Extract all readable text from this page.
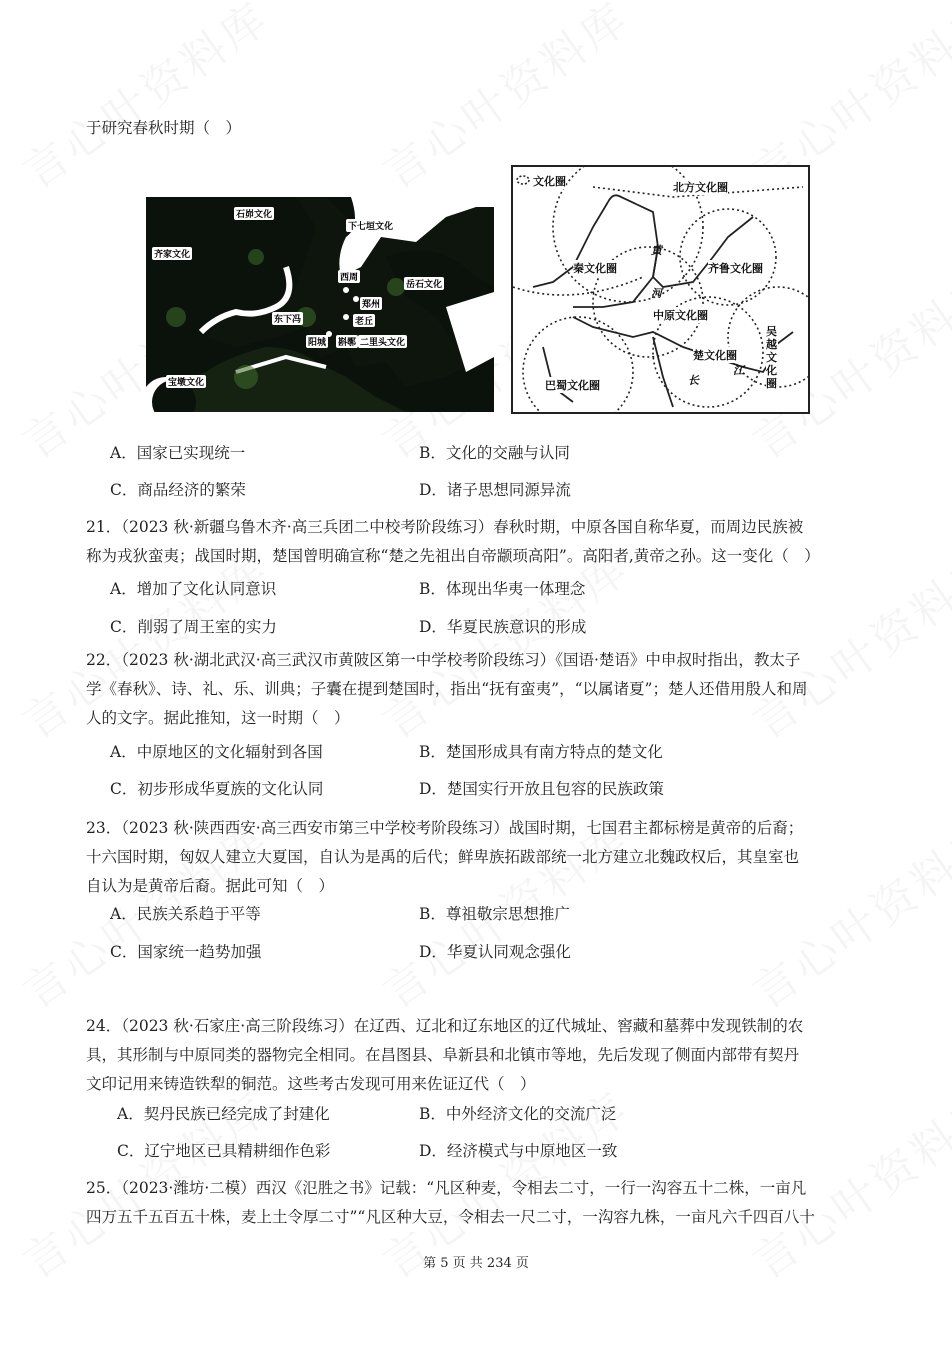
于研究春秋时期（　）
石峁文化
齐家文化
下七垣文化
西周
岳石文化
二里头文化
宝墩文化
东下冯
郑州
老丘
阳城 斟鄩
文化圈	北方文化圈
秦文化圈	齐鲁文化圈
中原文化圈
楚文化圈
巴蜀文化圈
吴越文化圈
黄
河
长
江
A．国家已实现统一	B．文化的交融与认同
C．商品经济的繁荣	D．诸子思想同源异流
21．（2023 秋·新疆乌鲁木齐·高三兵团二中校考阶段练习）春秋时期，中原各国自称华夏，而周边民族被
称为戎狄蛮夷；战国时期，楚国曾明确宣称“楚之先祖出自帝颛顼高阳”。高阳者,黄帝之孙。这一变化（　）
A．增加了文化认同意识	B．体现出华夷一体理念
C．削弱了周王室的实力	D．华夏民族意识的形成
22．（2023 秋·湖北武汉·高三武汉市黄陂区第一中学校考阶段练习）《国语·楚语》中申叔时指出，教太子
学《春秋》、诗、礼、乐、训典；子囊在提到楚国时，指出“抚有蛮夷”，“以属诸夏”；楚人还借用殷人和周
人的文字。据此推知，这一时期（　）
A．中原地区的文化辐射到各国	B．楚国形成具有南方特点的楚文化
C．初步形成华夏族的文化认同	D．楚国实行开放且包容的民族政策
23．（2023 秋·陕西西安·高三西安市第三中学校考阶段练习）战国时期，七国君主都标榜是黄帝的后裔；
十六国时期，匈奴人建立大夏国，自认为是禹的后代；鲜卑族拓跋部统一北方建立北魏政权后，其皇室也
自认为是黄帝后裔。据此可知（　）
A．民族关系趋于平等	B．尊祖敬宗思想推广
C．国家统一趋势加强	D．华夏认同观念强化
24．（2023 秋·石家庄·高三阶段练习）在辽西、辽北和辽东地区的辽代城址、窖藏和墓葬中发现铁制的农
具，其形制与中原同类的器物完全相同。在昌图县、阜新县和北镇市等地，先后发现了侧面内部带有契丹
文印记用来铸造铁犁的铜范。这些考古发现可用来佐证辽代（　）
A．契丹民族已经完成了封建化	B．中外经济文化的交流广泛
C．辽宁地区已具精耕细作色彩	D．经济模式与中原地区一致
25．（2023·潍坊·二模）西汉《氾胜之书》记载：“凡区种麦，令相去二寸，一行一沟容五十二株，一亩凡
四万五千五百五十株，麦上土令厚二寸”“凡区种大豆，令相去一尺二寸，一沟容九株，一亩凡六千四百八十
第 5 页 共 234 页
